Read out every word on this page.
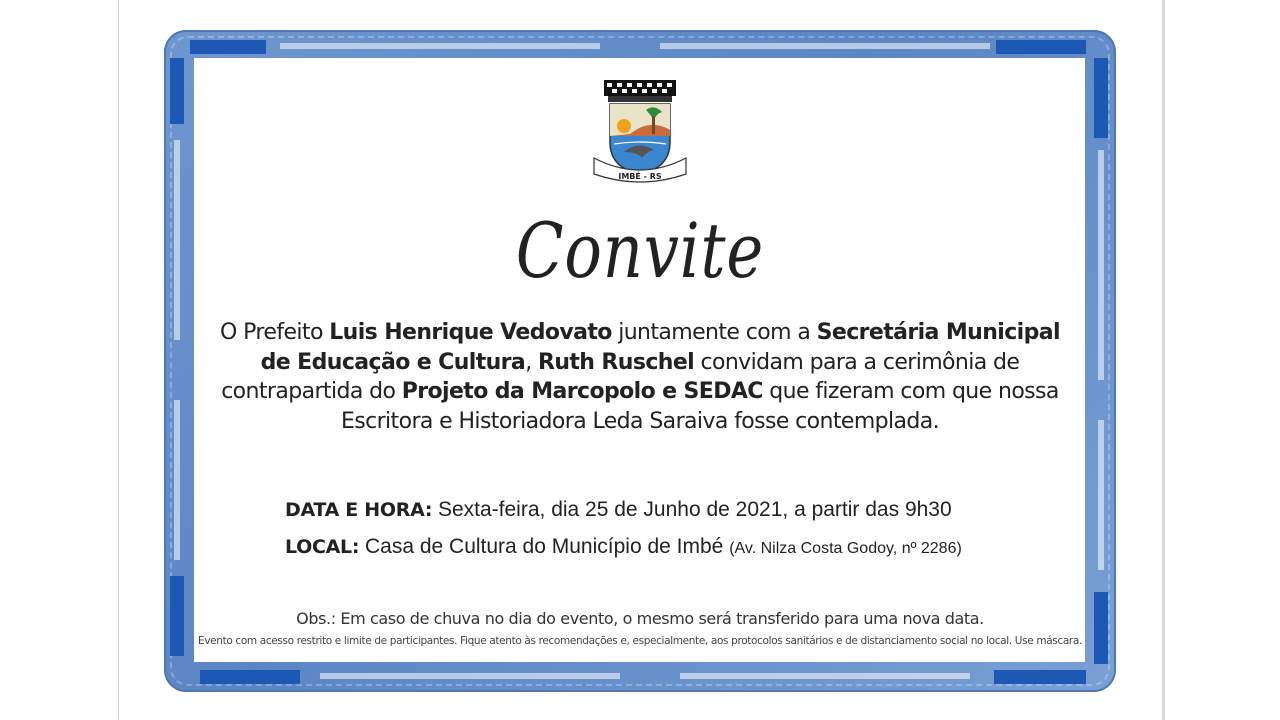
IMBÉ - RS
Convite
O Prefeito Luis Henrique Vedovato juntamente com a Secretária Municipal de Educação e Cultura, Ruth Ruschel convidam para a cerimônia de contrapartida do Projeto da Marcopolo e SEDAC que fizeram com que nossa Escritora e Historiadora Leda Saraiva fosse contemplada.
DATA E HORA: Sexta-feira, dia 25 de Junho de 2021, a partir das 9h30
LOCAL: Casa de Cultura do Município de Imbé (Av. Nilza Costa Godoy, nº 2286)
Obs.: Em caso de chuva no dia do evento, o mesmo será transferido para uma nova data.
Evento com acesso restrito e limite de participantes. Fique atento às recomendações e, especialmente, aos protocolos sanitários e de distanciamento social no local. Use máscara.
